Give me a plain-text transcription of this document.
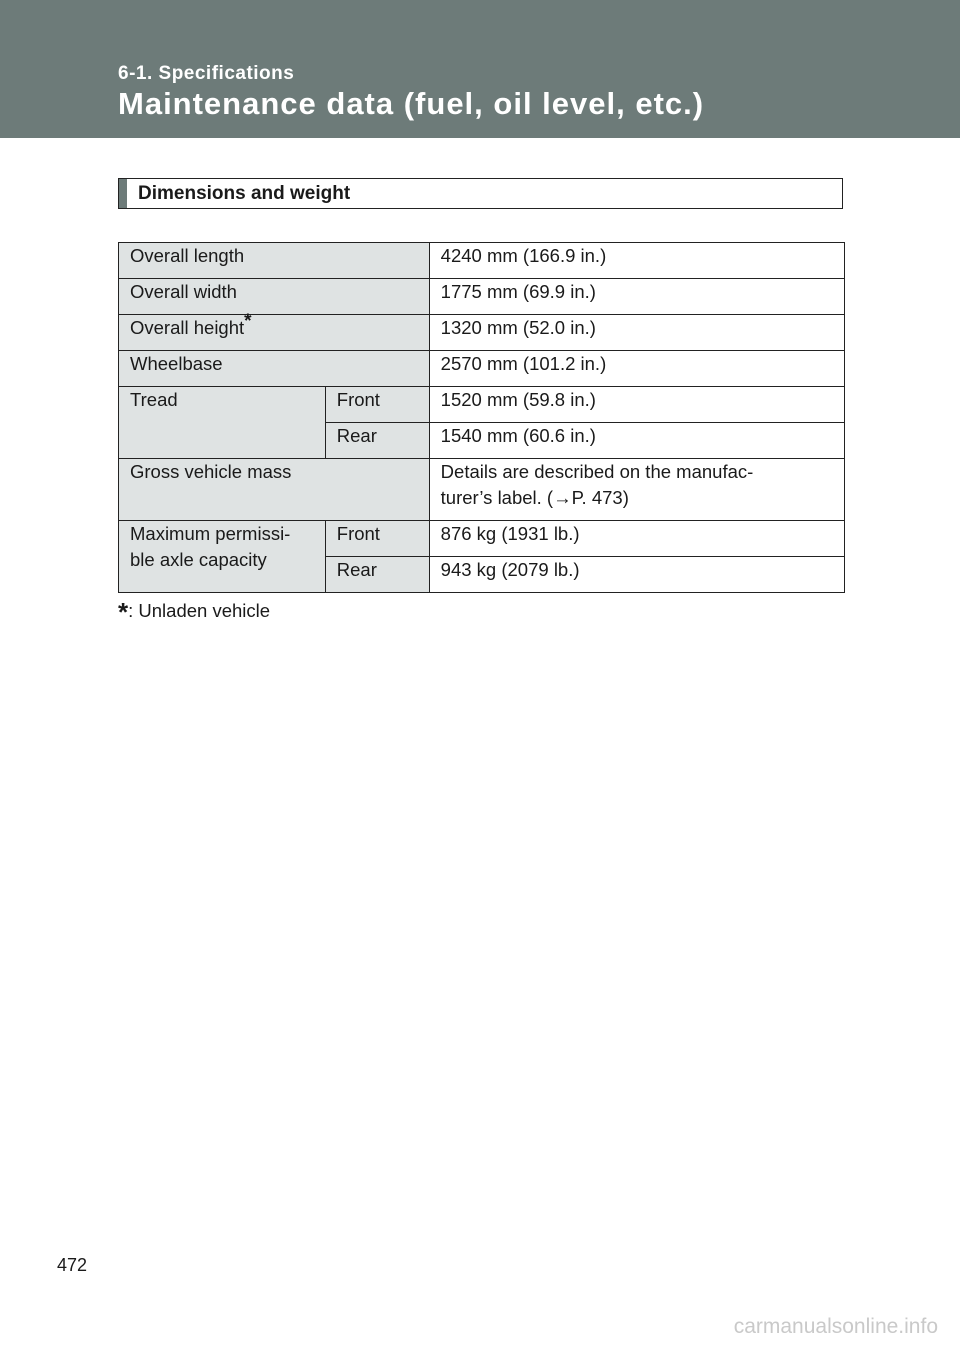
6-1. Specifications
Maintenance data (fuel, oil level, etc.)
Dimensions and weight
Overall length		4240 mm (166.9 in.)
Overall width		1775 mm (69.9 in.)
Overall height*		1320 mm (52.0 in.)
Wheelbase		2570 mm (101.2 in.)
Tread	Front	1520 mm (59.8 in.)
	Rear	1540 mm (60.6 in.)
Gross vehicle mass		Details are described on the manufac-
turer’s label. (→P. 473)

Maximum permissi-
ble axle capacity	Front	876 kg (1931 lb.)
	Rear	943 kg (2079 lb.)
*: Unladen vehicle
472
carmanualsonline.info
